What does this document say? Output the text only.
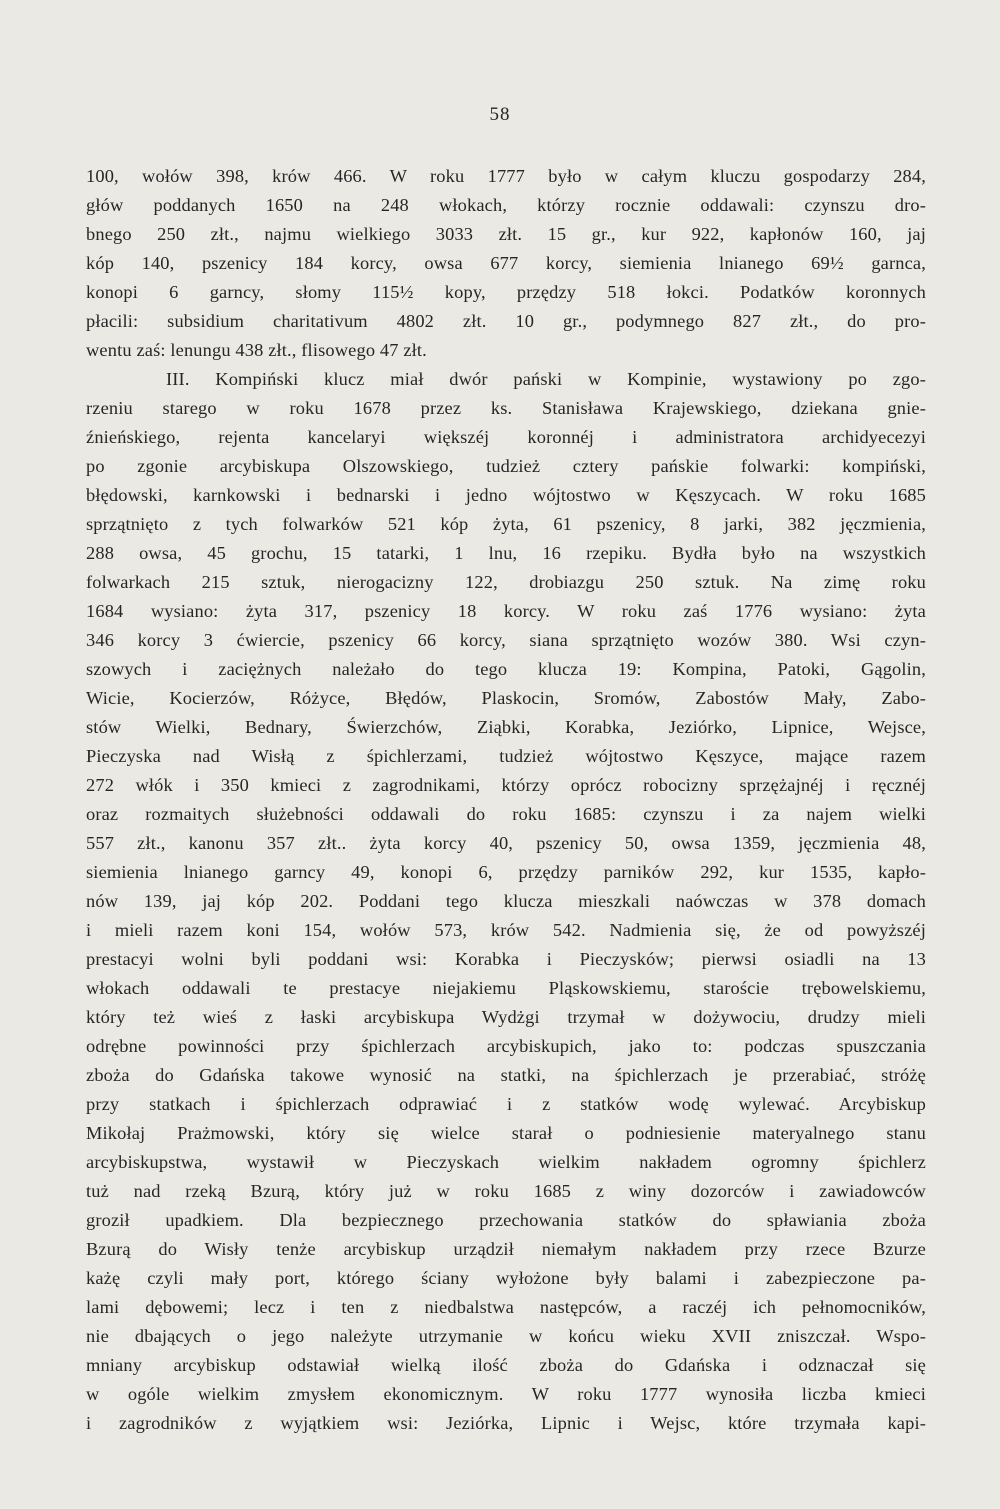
58
100, wołów 398, krów 466. W roku 1777 było w całym kluczu gospodarzy 284,
głów poddanych 1650 na 248 włokach, którzy rocznie oddawali: czynszu dro-
bnego 250 złt., najmu wielkiego 3033 złt. 15 gr., kur 922, kapłonów 160, jaj
kóp 140, pszenicy 184 korcy, owsa 677 korcy, siemienia lnianego 69½ garnca,
konopi 6 garncy, słomy 115½ kopy, przędzy 518 łokci. Podatków koronnych
płacili: subsidium charitativum 4802 złt. 10 gr., podymnego 827 złt., do pro-
wentu zaś: lenungu 438 złt., flisowego 47 złt.
III. Kompiński klucz miał dwór pański w Kompinie, wystawiony po zgo-
rzeniu starego w roku 1678 przez ks. Stanisława Krajewskiego, dziekana gnie-
źnieńskiego, rejenta kancelaryi większéj koronnéj i administratora archidyecezyi
po zgonie arcybiskupa Olszowskiego, tudzież cztery pańskie folwarki: kompiński,
błędowski, karnkowski i bednarski i jedno wójtostwo w Kęszycach. W roku 1685
sprzątnięto z tych folwarków 521 kóp żyta, 61 pszenicy, 8 jarki, 382 jęczmienia,
288 owsa, 45 grochu, 15 tatarki, 1 lnu, 16 rzepiku. Bydła było na wszystkich
folwarkach 215 sztuk, nierogacizny 122, drobiazgu 250 sztuk. Na zimę roku
1684 wysiano: żyta 317, pszenicy 18 korcy. W roku zaś 1776 wysiano: żyta
346 korcy 3 ćwiercie, pszenicy 66 korcy, siana sprzątnięto wozów 380. Wsi czyn-
szowych i zaciężnych należało do tego klucza 19: Kompina, Patoki, Gągolin,
Wicie, Kocierzów, Różyce, Błędów, Plaskocin, Sromów, Zabostów Mały, Zabo-
stów Wielki, Bednary, Świerzchów, Ziąbki, Korabka, Jeziórko, Lipnice, Wejsce,
Pieczyska nad Wisłą z śpichlerzami, tudzież wójtostwo Kęszyce, mające razem
272 włók i 350 kmieci z zagrodnikami, którzy oprócz robocizny sprzężajnéj i ręcznéj
oraz rozmaitych służebności oddawali do roku 1685: czynszu i za najem wielki
557 złt., kanonu 357 złt.. żyta korcy 40, pszenicy 50, owsa 1359, jęczmienia 48,
siemienia lnianego garncy 49, konopi 6, przędzy parników 292, kur 1535, kapło-
nów 139, jaj kóp 202. Poddani tego klucza mieszkali naówczas w 378 domach
i mieli razem koni 154, wołów 573, krów 542. Nadmienia się, że od powyższéj
prestacyi wolni byli poddani wsi: Korabka i Pieczysków; pierwsi osiadli na 13
włokach oddawali te prestacye niejakiemu Pląskowskiemu, staroście trębowelskiemu,
który też wieś z łaski arcybiskupa Wydżgi trzymał w dożywociu, drudzy mieli
odrębne powinności przy śpichlerzach arcybiskupich, jako to: podczas spuszczania
zboża do Gdańska takowe wynosić na statki, na śpichlerzach je przerabiać, stróżę
przy statkach i śpichlerzach odprawiać i z statków wodę wylewać. Arcybiskup
Mikołaj Prażmowski, który się wielce starał o podniesienie materyalnego stanu
arcybiskupstwa, wystawił w Pieczyskach wielkim nakładem ogromny śpichlerz
tuż nad rzeką Bzurą, który już w roku 1685 z winy dozorców i zawiadowców
groził upadkiem. Dla bezpiecznego przechowania statków do spławiania zboża
Bzurą do Wisły tenże arcybiskup urządził niemałym nakładem przy rzece Bzurze
każę czyli mały port, którego ściany wyłożone były balami i zabezpieczone pa-
lami dębowemi; lecz i ten z niedbalstwa następców, a raczéj ich pełnomocników,
nie dbających o jego należyte utrzymanie w końcu wieku XVII zniszczał. Wspo-
mniany arcybiskup odstawiał wielką ilość zboża do Gdańska i odznaczał się
w ogóle wielkim zmysłem ekonomicznym. W roku 1777 wynosiła liczba kmieci
i zagrodników z wyjątkiem wsi: Jeziórka, Lipnic i Wejsc, które trzymała kapi-
